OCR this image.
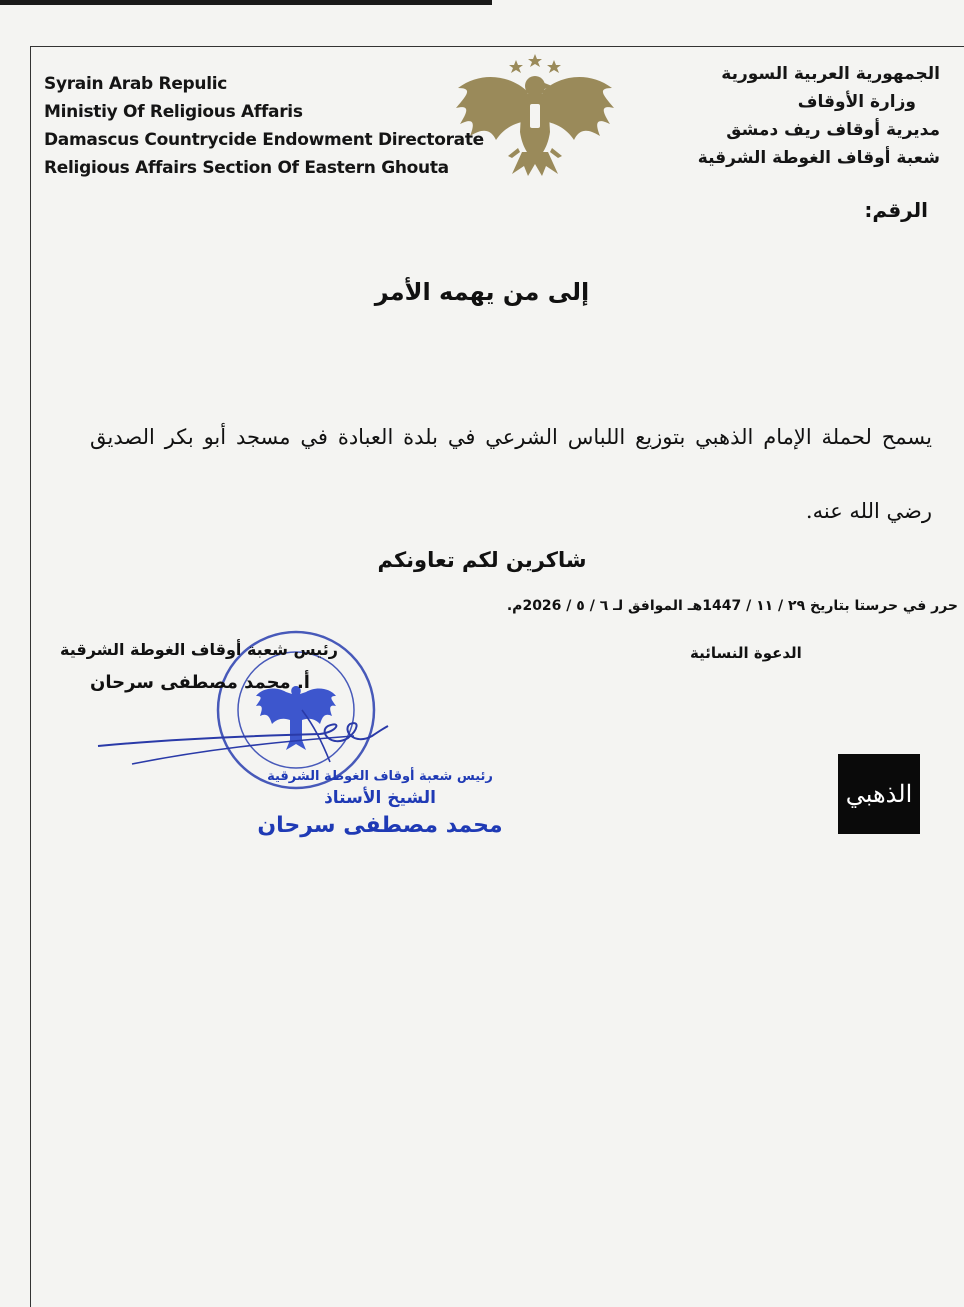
Syrain Arab Repulic
Ministiy Of Religious Affaris
Damascus Countrycide Endowment Directorate
Religious Affairs Section Of Eastern Ghouta
الجمهورية العربية السورية
وزارة الأوقاف
مديرية أوقاف ريف دمشق
شعبة أوقاف الغوطة الشرقية
الرقم:
إلى من يهمه الأمر
يسمح لحملة الإمام الذهبي بتوزيع اللباس الشرعي في بلدة العبادة في مسجد أبو بكر الصديق رضي الله عنه.
شاكرين لكم تعاونكم
حرر في حرستا بتاريخ ٢٩ / ١١ / 1447هـ الموافق لـ ٦ / ٥ / 2026م.
الدعوة النسائية
رئيس شعبة أوقاف الغوطة الشرقية
أ. محمد مصطفى سرحان
رئيس شعبة أوقاف الغوطة الشرقية
الشيخ الأستاذ
محمد مصطفى سرحان
الذهبي
